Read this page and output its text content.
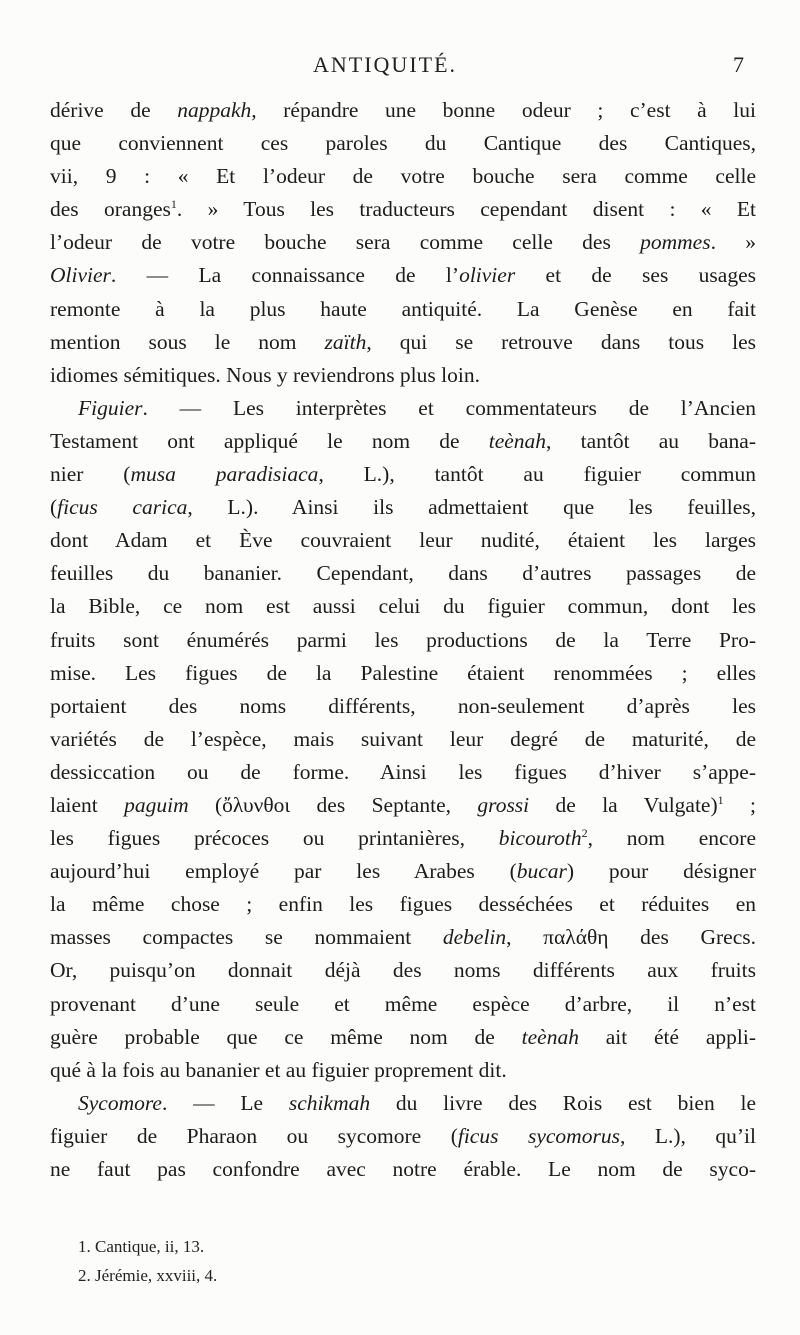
ANTIQUITÉ.	7
dérive de nappakh, répandre une bonne odeur ; c’est à lui
que conviennent ces paroles du Cantique des Cantiques,
vii, 9 : « Et l’odeur de votre bouche sera comme celle
des oranges$^1$. » Tous les traducteurs cependant disent : « Et
l’odeur de votre bouche sera comme celle des pommes. »
Olivier. — La connaissance de l’olivier et de ses usages
remonte à la plus haute antiquité. La Genèse en fait
mention sous le nom zaïth, qui se retrouve dans tous les
idiomes sémitiques. Nous y reviendrons plus loin.
Figuier. — Les interprètes et commentateurs de l’Ancien
Testament ont appliqué le nom de teènah, tantôt au bana-
nier (musa paradisiaca, L.), tantôt au figuier commun
(ficus carica, L.). Ainsi ils admettaient que les feuilles,
dont Adam et Ève couvraient leur nudité, étaient les larges
feuilles du bananier. Cependant, dans d’autres passages de
la Bible, ce nom est aussi celui du figuier commun, dont les
fruits sont énumérés parmi les productions de la Terre Pro-
mise. Les figues de la Palestine étaient renommées ; elles
portaient des noms différents, non-seulement d’après les
variétés de l’espèce, mais suivant leur degré de maturité, de
dessiccation ou de forme. Ainsi les figues d’hiver s’appe-
laient paguim (ὄλυνθοι des Septante, grossi de la Vulgate)$^1$ ;
les figues précoces ou printanières, bicouroth$^2$, nom encore
aujourd’hui employé par les Arabes (bucar) pour désigner
la même chose ; enfin les figues desséchées et réduites en
masses compactes se nommaient debelin, παλάθη des Grecs.
Or, puisqu’on donnait déjà des noms différents aux fruits
provenant d’une seule et même espèce d’arbre, il n’est
guère probable que ce même nom de teènah ait été appli-
qué à la fois au bananier et au figuier proprement dit.
Sycomore. — Le schikmah du livre des Rois est bien le
figuier de Pharaon ou sycomore (ficus sycomorus, L.), qu’il
ne faut pas confondre avec notre érable. Le nom de syco-
1. Cantique, ii, 13.
2. Jérémie, xxviii, 4.
